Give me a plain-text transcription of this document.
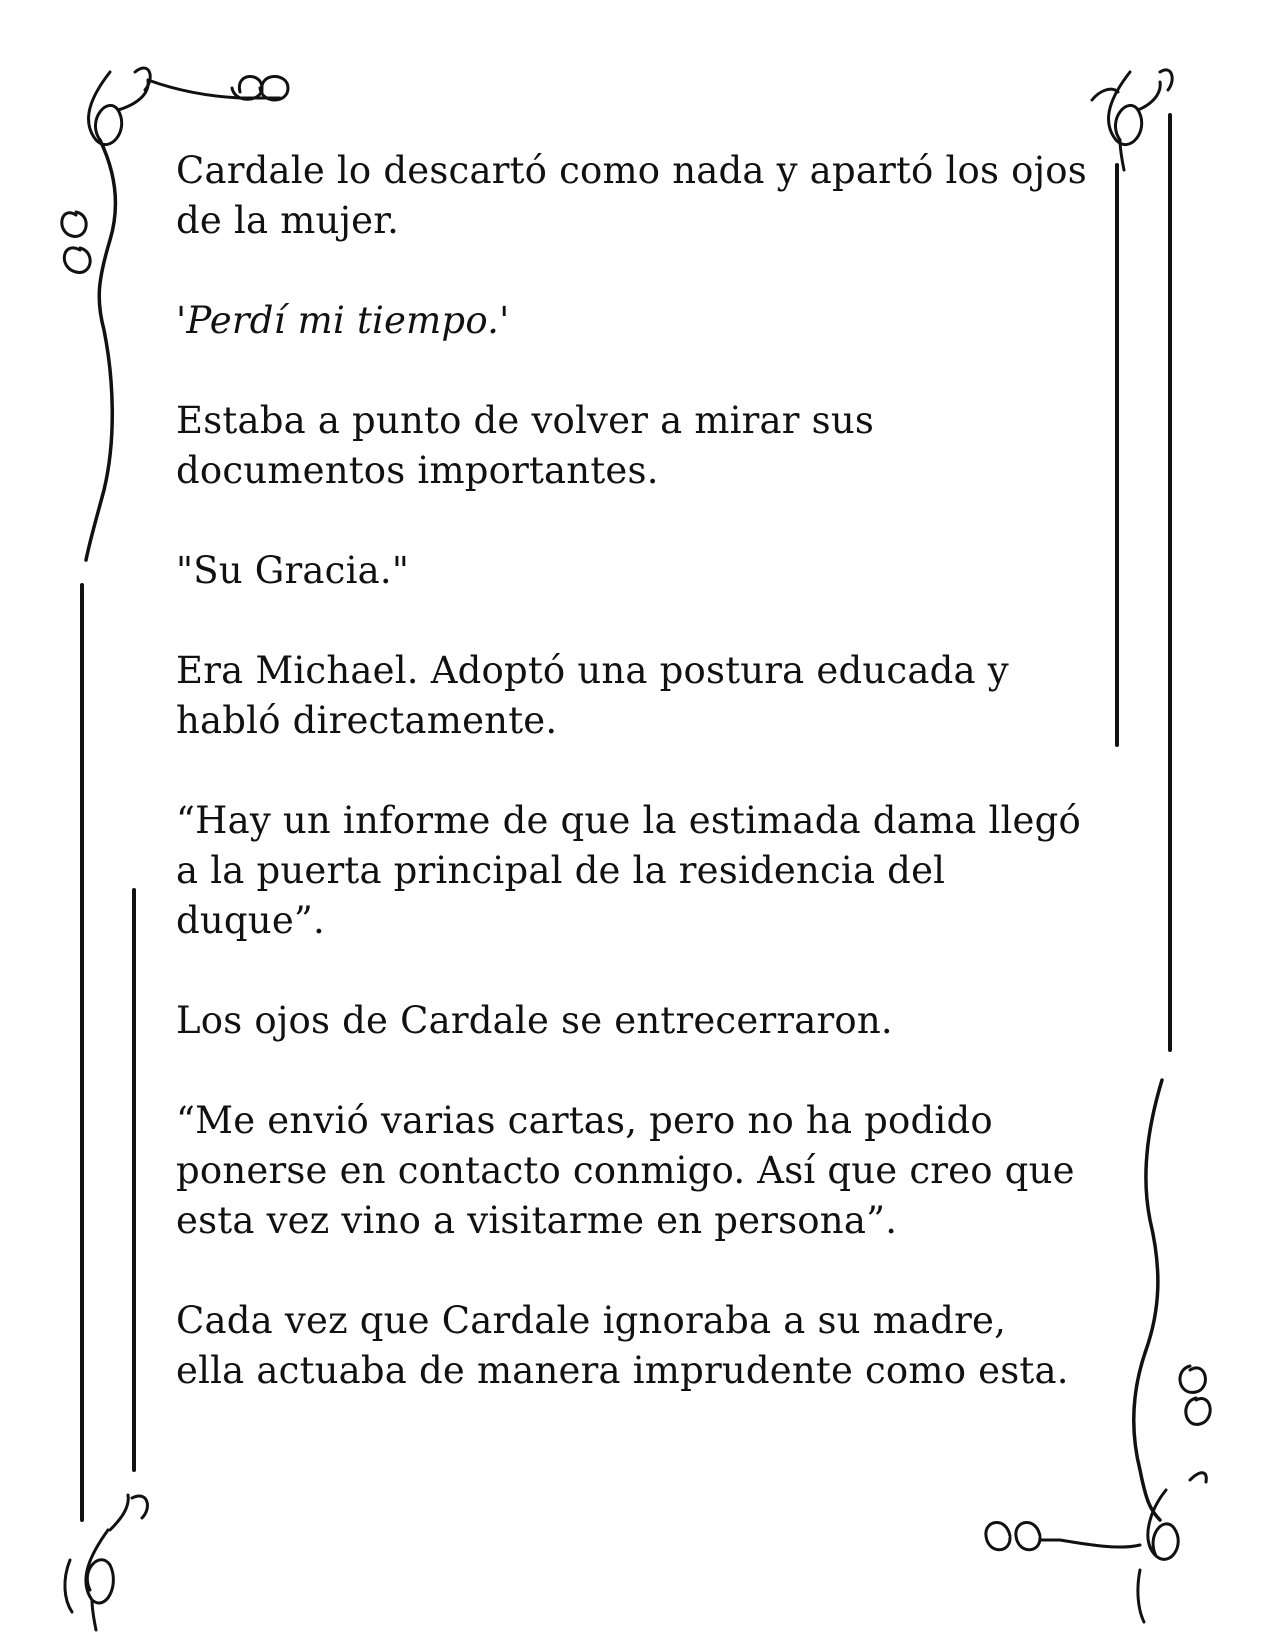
Cardale lo descartó como nada y apartó los ojos
de la mujer.

'Perdí mi tiempo.'

Estaba a punto de volver a mirar sus
documentos importantes.

"Su Gracia."

Era Michael. Adoptó una postura educada y
habló directamente.

“Hay un informe de que la estimada dama llegó
a la puerta principal de la residencia del
duque”.

Los ojos de Cardale se entrecerraron.

“Me envió varias cartas, pero no ha podido
ponerse en contacto conmigo. Así que creo que
esta vez vino a visitarme en persona”.

Cada vez que Cardale ignoraba a su madre,
ella actuaba de manera imprudente como esta.
